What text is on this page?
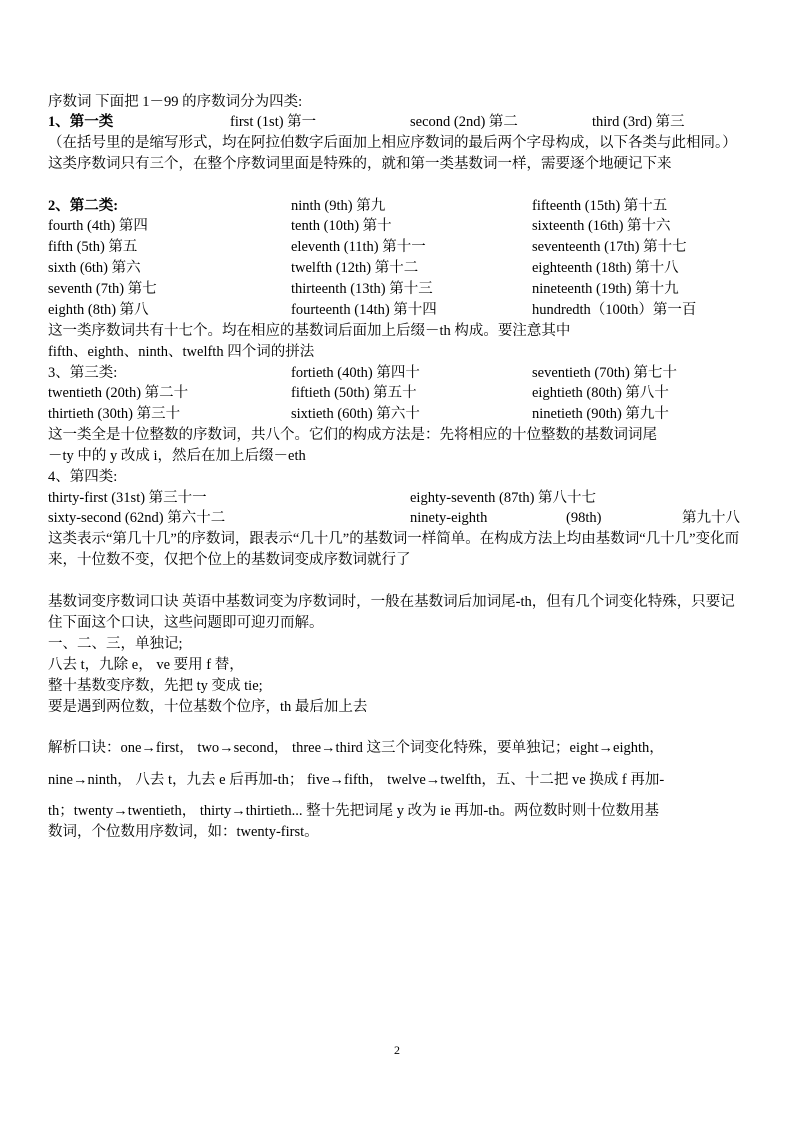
序数词 下面把 1－99 的序数词分为四类:
1、第一类	first (1st) 第一	second (2nd) 第二	third (3rd) 第三
（在括号里的是缩写形式，均在阿拉伯数字后面加上相应序数词的最后两个字母构成，以下各类与此相同。）这类序数词只有三个，在整个序数词里面是特殊的，就和第一类基数词一样，需要逐个地硬记下来
2、第二类:	ninth (9th) 第九	fifteenth (15th) 第十五
fourth (4th) 第四	tenth (10th) 第十	sixteenth (16th) 第十六
fifth (5th) 第五	eleventh (11th) 第十一	seventeenth (17th) 第十七
sixth (6th) 第六	twelfth (12th) 第十二	eighteenth (18th) 第十八
seventh (7th) 第七	thirteenth (13th) 第十三	nineteenth (19th) 第十九
eighth (8th) 第八	fourteenth (14th) 第十四	hundredth（100th）第一百
这一类序数词共有十七个。均在相应的基数词后面加上后缀－th 构成。要注意其中
fifth、eighth、ninth、twelfth 四个词的拼法
3、第三类:	fortieth (40th) 第四十	seventieth (70th) 第七十
twentieth (20th) 第二十	fiftieth (50th) 第五十	eightieth (80th) 第八十
thirtieth (30th) 第三十	sixtieth (60th) 第六十	ninetieth (90th) 第九十
这一类全是十位整数的序数词，共八个。它们的构成方法是：先将相应的十位整数的基数词词尾
－ty 中的 y 改成 i，然后在加上后缀－eth
4、第四类:
thirty-first (31st) 第三十一	eighty-seventh (87th) 第八十七
sixty-second (62nd) 第六十二	ninety-eighth	(98th)	第九十八
这类表示“第几十几”的序数词，跟表示“几十几”的基数词一样简单。在构成方法上均由基数词“几十几”变化而来，十位数不变，仅把个位上的基数词变成序数词就行了
基数词变序数词口诀 英语中基数词变为序数词时，一般在基数词后加词尾-th，但有几个词变化特殊，只要记住下面这个口诀，这些问题即可迎刃而解。
一、二、三，单独记;
八去 t，九除 e， ve 要用 f 替，
整十基数变序数，先把 ty 变成 tie;
要是遇到两位数，十位基数个位序，th 最后加上去
解析口诀：one→first， two→second， three→third 这三个词变化特殊，要单独记；eight→eighth，
nine→ninth， 八去 t，九去 e 后再加-th； five→fifth， twelve→twelfth，五、十二把 ve 换成 f 再加-
th；twenty→twentieth， thirty→thirtieth... 整十先把词尾 y 改为 ie 再加-th。两位数时则十位数用基
数词，个位数用序数词，如：twenty-first。
2
